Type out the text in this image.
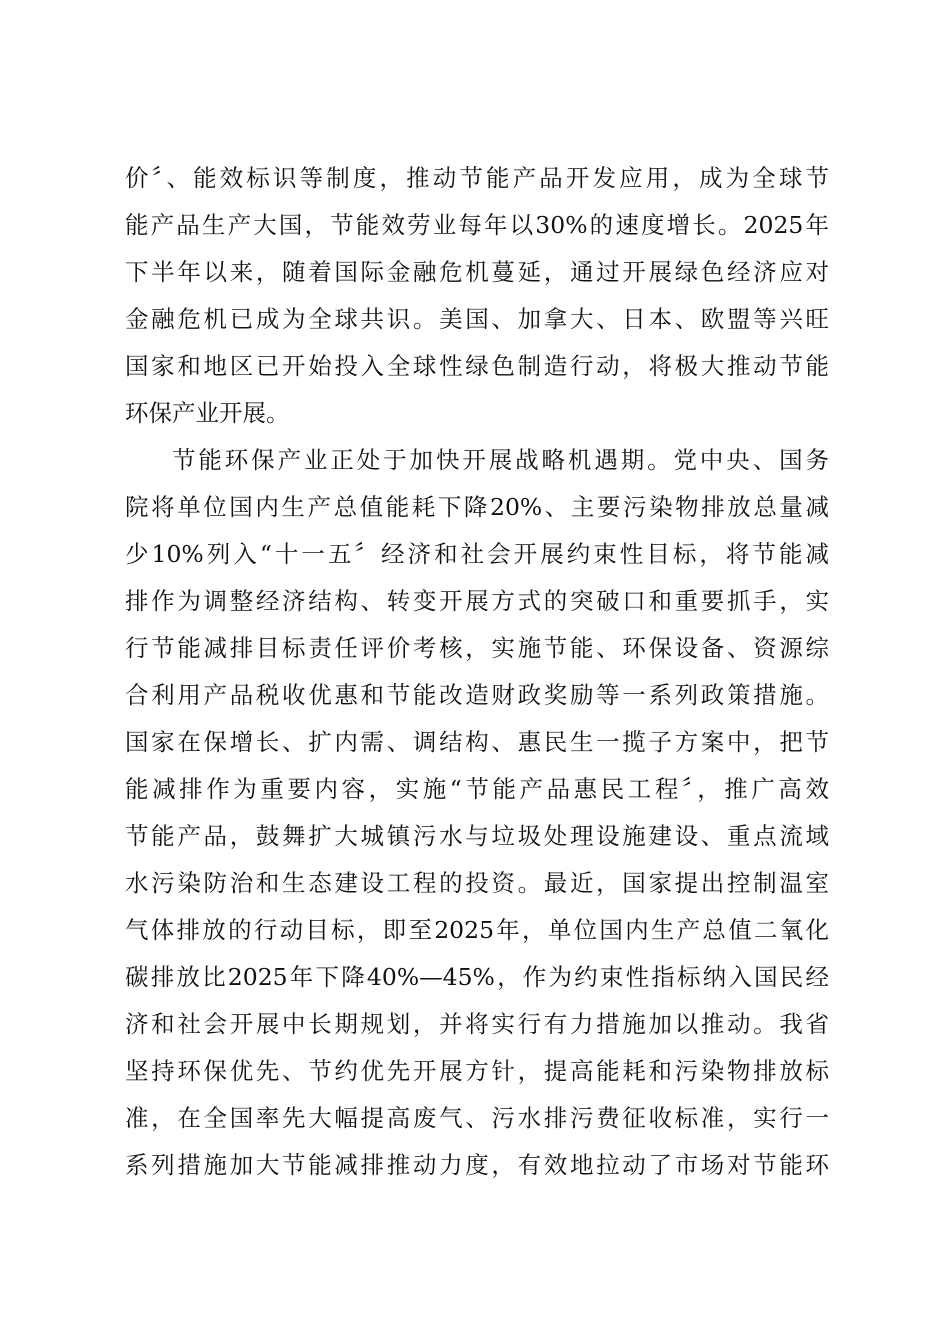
价〞、能效标识等制度，推动节能产品开发应用，成为全球节
能产品生产大国，节能效劳业每年以30%的速度增长。2025年
下半年以来，随着国际金融危机蔓延，通过开展绿色经济应对
金融危机已成为全球共识。美国、加拿大、日本、欧盟等兴旺
国家和地区已开始投入全球性绿色制造行动，将极大推动节能
环保产业开展。
节能环保产业正处于加快开展战略机遇期。党中央、国务
院将单位国内生产总值能耗下降20%、主要污染物排放总量减
少10%列入“十一五〞经济和社会开展约束性目标，将节能减
排作为调整经济结构、转变开展方式的突破口和重要抓手，实
行节能减排目标责任评价考核，实施节能、环保设备、资源综
合利用产品税收优惠和节能改造财政奖励等一系列政策措施。
国家在保增长、扩内需、调结构、惠民生一揽子方案中，把节
能减排作为重要内容，实施“节能产品惠民工程〞，推广高效
节能产品，鼓舞扩大城镇污水与垃圾处理设施建设、重点流域
水污染防治和生态建设工程的投资。最近，国家提出控制温室
气体排放的行动目标，即至2025年，单位国内生产总值二氧化
碳排放比2025年下降40%—45%，作为约束性指标纳入国民经
济和社会开展中长期规划，并将实行有力措施加以推动。我省
坚持环保优先、节约优先开展方针，提高能耗和污染物排放标
准，在全国率先大幅提高废气、污水排污费征收标准，实行一
系列措施加大节能减排推动力度，有效地拉动了市场对节能环
